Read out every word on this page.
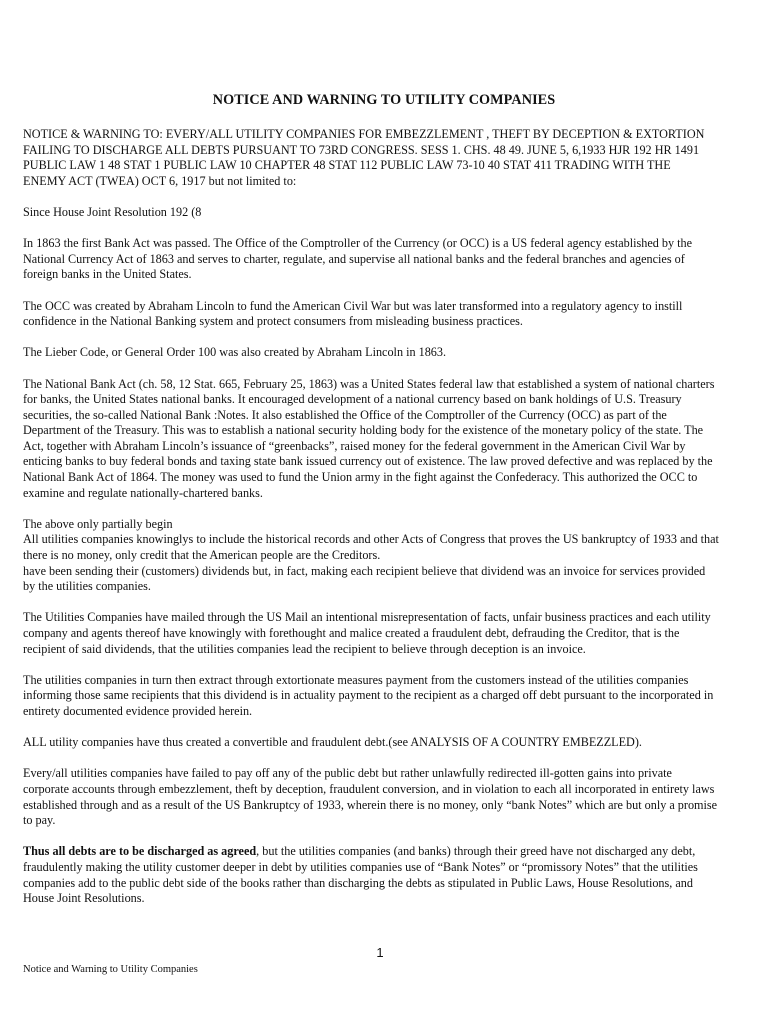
NOTICE AND WARNING TO UTILITY COMPANIES

NOTICE & WARNING TO: EVERY/ALL UTILITY COMPANIES FOR EMBEZZLEMENT , THEFT BY DECEPTION & EXTORTION
FAILING TO DISCHARGE ALL DEBTS PURSUANT TO 73RD CONGRESS. SESS 1. CHS. 48 49. JUNE 5, 6,1933 HJR 192 HR 1491
PUBLIC LAW 1 48 STAT 1 PUBLIC LAW 10 CHAPTER 48 STAT 112 PUBLIC LAW 73-10 40 STAT 411 TRADING WITH THE
ENEMY ACT (TWEA) OCT 6, 1917 but not limited to:

Since House Joint Resolution 192 (8

In 1863 the first Bank Act was passed. The Office of the Comptroller of the Currency (or OCC) is a US federal agency established by the
National Currency Act of 1863 and serves to charter, regulate, and supervise all national banks and the federal branches and agencies of
foreign banks in the United States.

The OCC was created by Abraham Lincoln to fund the American Civil War but was later transformed into a regulatory agency to instill
confidence in the National Banking system and protect consumers from misleading business practices.

The Lieber Code, or General Order 100 was also created by Abraham Lincoln in 1863.

The National Bank Act (ch. 58, 12 Stat. 665, February 25, 1863) was a United States federal law that established a system of national charters
for banks, the United States national banks. It encouraged development of a national currency based on bank holdings of U.S. Treasury
securities, the so-called National Bank :Notes. It also established the Office of the Comptroller of the Currency (OCC) as part of the
Department of the Treasury. This was to establish a national security holding body for the existence of the monetary policy of the state. The
Act, together with Abraham Lincoln’s issuance of “greenbacks”, raised money for the federal government in the American Civil War by
enticing banks to buy federal bonds and taxing state bank issued currency out of existence. The law proved defective and was replaced by the
National Bank Act of 1864. The money was used to fund the Union army in the fight against the Confederacy. This authorized the OCC to
examine and regulate nationally-chartered banks.

The above only partially begin
All utilities companies knowinglys to include the historical records and other Acts of Congress that proves the US bankruptcy of 1933 and that
there is no money, only credit that the American people are the Creditors.
have been sending their (customers) dividends but, in fact, making each recipient believe that dividend was an invoice for services provided
by the utilities companies.

The Utilities Companies have mailed through the US Mail an intentional misrepresentation of facts, unfair business practices and each utility
company and agents thereof have knowingly with forethought and malice created a fraudulent debt, defrauding the Creditor, that is the
recipient of said dividends, that the utilities companies lead the recipient to believe through deception is an invoice.

The utilities companies in turn then extract through extortionate measures payment from the customers instead of the utilities companies
informing those same recipients that this dividend is in actuality payment to the recipient as a charged off debt pursuant to the incorporated in
entirety documented evidence provided herein.

ALL utility companies have thus created a convertible and fraudulent debt.(see ANALYSIS OF A COUNTRY EMBEZZLED).

Every/all utilities companies have failed to pay off any of the public debt but rather unlawfully redirected ill-gotten gains into private
corporate accounts through embezzlement, theft by deception, fraudulent conversion, and in violation to each all incorporated in entirety laws
established through and as a result of the US Bankruptcy of 1933, wherein there is no money, only “bank Notes” which are but only a promise
to pay.

Thus all debts are to be discharged as agreed, but the utilities companies (and banks) through their greed have not discharged any debt,
fraudulently making the utility customer deeper in debt by utilities companies use of “Bank Notes” or “promissory Notes” that the utilities
companies add to the public debt side of the books rather than discharging the debts as stipulated in Public Laws, House Resolutions, and
House Joint Resolutions.

1
Notice and Warning to Utility Companies
